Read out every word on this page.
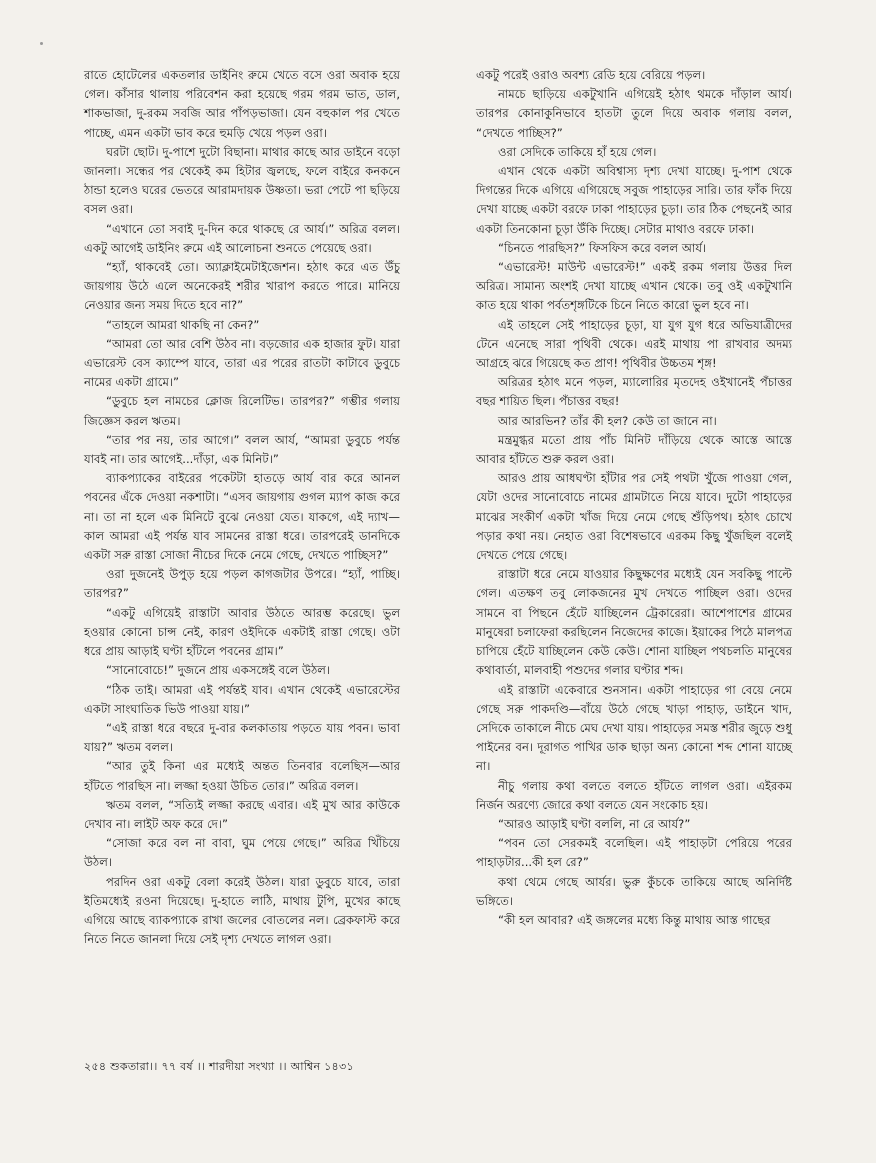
রাতে হোটেলের একতলার ডাইনিং রুমে খেতে বসে ওরা অবাক হয়ে গেল। কাঁসার থালায় পরিবেশন করা হয়েছে গরম গরম ভাত, ডাল, শাকভাজা, দু-রকম সবজি আর পাঁপড়ভাজা। যেন বহুকাল পর খেতে পাচ্ছে, এমন একটা ভাব করে হুমড়ি খেয়ে পড়ল ওরা।

ঘরটা ছোট। দু-পাশে দুটো বিছানা। মাথার কাছে আর ডাইনে বড়ো জানলা। সন্ধের পর থেকেই কম হিটার জ্বলছে, ফলে বাইরে কনকনে ঠান্ডা হলেও ঘরের ভেতরে আরামদায়ক উষ্ণতা। ভরা পেটে পা ছড়িয়ে বসল ওরা।

“এখানে তো সবাই দু-দিন করে থাকছে রে আর্য।” অরিত্র বলল। একটু আগেই ডাইনিং রুমে এই আলোচনা শুনতে পেয়েছে ওরা।

“হ্যাঁ, থাকবেই তো। অ্যাক্লাইমেটাইজেশন। হঠাৎ করে এত উঁচু জায়গায় উঠে এলে অনেকেরই শরীর খারাপ করতে পারে। মানিয়ে নেওয়ার জন্য সময় দিতে হবে না?”

“তাহলে আমরা থাকছি না কেন?”

“আমরা তো আর বেশি উঠব না। বড়জোর এক হাজার ফুট। যারা এভারেস্ট বেস ক্যাম্পে যাবে, তারা এর পরের রাতটা কাটাবে ডুবুচে নামের একটা গ্রামে।”

“ডুবুচে হল নামচের ক্লোজ রিলেটিভ। তারপর?” গম্ভীর গলায় জিজ্ঞেস করল ঋতম।

“তার পর নয়, তার আগে।” বলল আর্য, “আমরা ডুবুচে পর্যন্ত যাবই না। তার আগেই...দাঁড়া, এক মিনিট।”

ব্যাকপ্যাকের বাইরের পকেটটা হাতড়ে আর্য বার করে আনল পবনের এঁকে দেওয়া নকশাটা। “এসব জায়গায় গুগল ম্যাপ কাজ করে না। তা না হলে এক মিনিটে বুঝে নেওয়া যেত। যাকগে, এই দ্যাখ—কাল আমরা এই পর্যন্ত যাব সামনের রাস্তা ধরে। তারপরেই ডানদিকে একটা সরু রাস্তা সোজা নীচের দিকে নেমে গেছে, দেখতে পাচ্ছিস?”

ওরা দুজনেই উপুড় হয়ে পড়ল কাগজটার উপরে। “হ্যাঁ, পাচ্ছি। তারপর?”

“একটু এগিয়েই রাস্তাটা আবার উঠতে আরম্ভ করেছে। ভুল হওয়ার কোনো চান্স নেই, কারণ ওইদিকে একটাই রাস্তা গেছে। ওটা ধরে প্রায় আড়াই ঘণ্টা হাঁটলে পবনের গ্রাম।”

“সানোবোচে!” দুজনে প্রায় একসঙ্গেই বলে উঠল।

“ঠিক তাই। আমরা এই পর্যন্তই যাব। এখান থেকেই এভারেস্টের একটা সাংঘাতিক ভিউ পাওয়া যায়।”

“এই রাস্তা ধরে বছরে দু-বার কলকাতায় পড়তে যায় পবন। ভাবা যায়?” ঋতম বলল।

“আর তুই কিনা এর মধ্যেই অন্তত তিনবার বলেছিস—আর হাঁটতে পারছিস না। লজ্জা হওয়া উচিত তোর।” অরিত্র বলল।

ঋতম বলল, “সত্যিই লজ্জা করছে এবার। এই মুখ আর কাউকে দেখাব না। লাইট অফ করে দে।”

“সোজা করে বল না বাবা, ঘুম পেয়ে গেছে।” অরিত্র খিঁচিয়ে উঠল।

পরদিন ওরা একটু বেলা করেই উঠল। যারা ডুবুচে যাবে, তারা ইতিমধ্যেই রওনা দিয়েছে। দু-হাতে লাঠি, মাথায় টুপি, মুখের কাছে এগিয়ে আছে ব্যাকপ্যাকে রাখা জলের বোতলের নল। ব্রেকফাস্ট করে নিতে নিতে জানলা দিয়ে সেই দৃশ্য দেখতে লাগল ওরা।

একটু পরেই ওরাও অবশ্য রেডি হয়ে বেরিয়ে পড়ল।

নামচে ছাড়িয়ে একটুখানি এগিয়েই হঠাৎ থমকে দাঁড়াল আর্য। তারপর কোনাকুনিভাবে হাতটা তুলে দিয়ে অবাক গলায় বলল, “দেখতে পাচ্ছিস?”

ওরা সেদিকে তাকিয়ে হাঁ হয়ে গেল।

এখান থেকে একটা অবিশ্বাস্য দৃশ্য দেখা যাচ্ছে। দু-পাশ থেকে দিগন্তের দিকে এগিয়ে এগিয়েছে সবুজ পাহাড়ের সারি। তার ফাঁক দিয়ে দেখা যাচ্ছে একটা বরফে ঢাকা পাহাড়ের চূড়া। তার ঠিক পেছনেই আর একটা তিনকোনা চূড়া উঁকি দিচ্ছে। সেটার মাথাও বরফে ঢাকা।

“চিনতে পারছিস?” ফিসফিস করে বলল আর্য।

“এভারেস্ট! মাউন্ট এভারেস্ট!” একই রকম গলায় উত্তর দিল অরিত্র। সামান্য অংশই দেখা যাচ্ছে এখান থেকে। তবু ওই একটুখানি কাত হয়ে থাকা পর্বতশৃঙ্গটিকে চিনে নিতে কারো ভুল হবে না।

এই তাহলে সেই পাহাড়ের চূড়া, যা যুগ যুগ ধরে অভিযাত্রীদের টেনে এনেছে সারা পৃথিবী থেকে। এরই মাথায় পা রাখবার অদম্য আগ্রহে ঝরে গিয়েছে কত প্রাণ! পৃথিবীর উচ্চতম শৃঙ্গ!

অরিত্রর হঠাৎ মনে পড়ল, ম্যালোরির মৃতদেহ ওইখানেই পঁচাত্তর বছর শায়িত ছিল। পঁচাত্তর বছর!

আর আরভিন? তাঁর কী হল? কেউ তা জানে না।

মন্ত্রমুগ্ধর মতো প্রায় পাঁচ মিনিট দাঁড়িয়ে থেকে আস্তে আস্তে আবার হাঁটতে শুরু করল ওরা।

আরও প্রায় আধঘণ্টা হাঁটার পর সেই পথটা খুঁজে পাওয়া গেল, যেটা ওদের সানোবোচে নামের গ্রামটাতে নিয়ে যাবে। দুটো পাহাড়ের মাঝের সংকীর্ণ একটা খাঁজ দিয়ে নেমে গেছে শুঁড়িপথ। হঠাৎ চোখে পড়ার কথা নয়। নেহাত ওরা বিশেষভাবে এরকম কিছু খুঁজছিল বলেই দেখতে পেয়ে গেছে।

রাস্তাটা ধরে নেমে যাওয়ার কিছুক্ষণের মধ্যেই যেন সবকিছু পাল্টে গেল। এতক্ষণ তবু লোকজনের মুখ দেখতে পাচ্ছিল ওরা। ওদের সামনে বা পিছনে হেঁটে যাচ্ছিলেন ট্রেকারেরা। আশেপাশের গ্রামের মানুষেরা চলাফেরা করছিলেন নিজেদের কাজে। ইয়াকের পিঠে মালপত্র চাপিয়ে হেঁটে যাচ্ছিলেন কেউ কেউ। শোনা যাচ্ছিল পথচলতি মানুষের কথাবার্তা, মালবাহী পশুদের গলার ঘণ্টার শব্দ।

এই রাস্তাটা একেবারে শুনসান। একটা পাহাড়ের গা বেয়ে নেমে গেছে সরু পাকদণ্ডি—বাঁয়ে উঠে গেছে খাড়া পাহাড়, ডাইনে খাদ, সেদিকে তাকালে নীচে মেঘ দেখা যায়। পাহাড়ের সমস্ত শরীর জুড়ে শুধু পাইনের বন। দূরাগত পাখির ডাক ছাড়া অন্য কোনো শব্দ শোনা যাচ্ছে না।

নীচু গলায় কথা বলতে বলতে হাঁটতে লাগল ওরা। এইরকম নির্জন অরণ্যে জোরে কথা বলতে যেন সংকোচ হয়।

“আরও আড়াই ঘণ্টা বললি, না রে আর্য?”

“পবন তো সেরকমই বলেছিল। এই পাহাড়টা পেরিয়ে পরের পাহাড়টার...কী হল রে?”

কথা থেমে গেছে আর্যর। ভুরু কুঁচকে তাকিয়ে আছে অনির্দিষ্ট ভঙ্গিতে।

“কী হল আবার? এই জঙ্গলের মধ্যে কিন্তু মাথায় আস্ত গাছের

২৫৪ শুকতারা।। ৭৭ বর্ষ ।। শারদীয়া সংখ্যা ।। আশ্বিন ১৪৩১
